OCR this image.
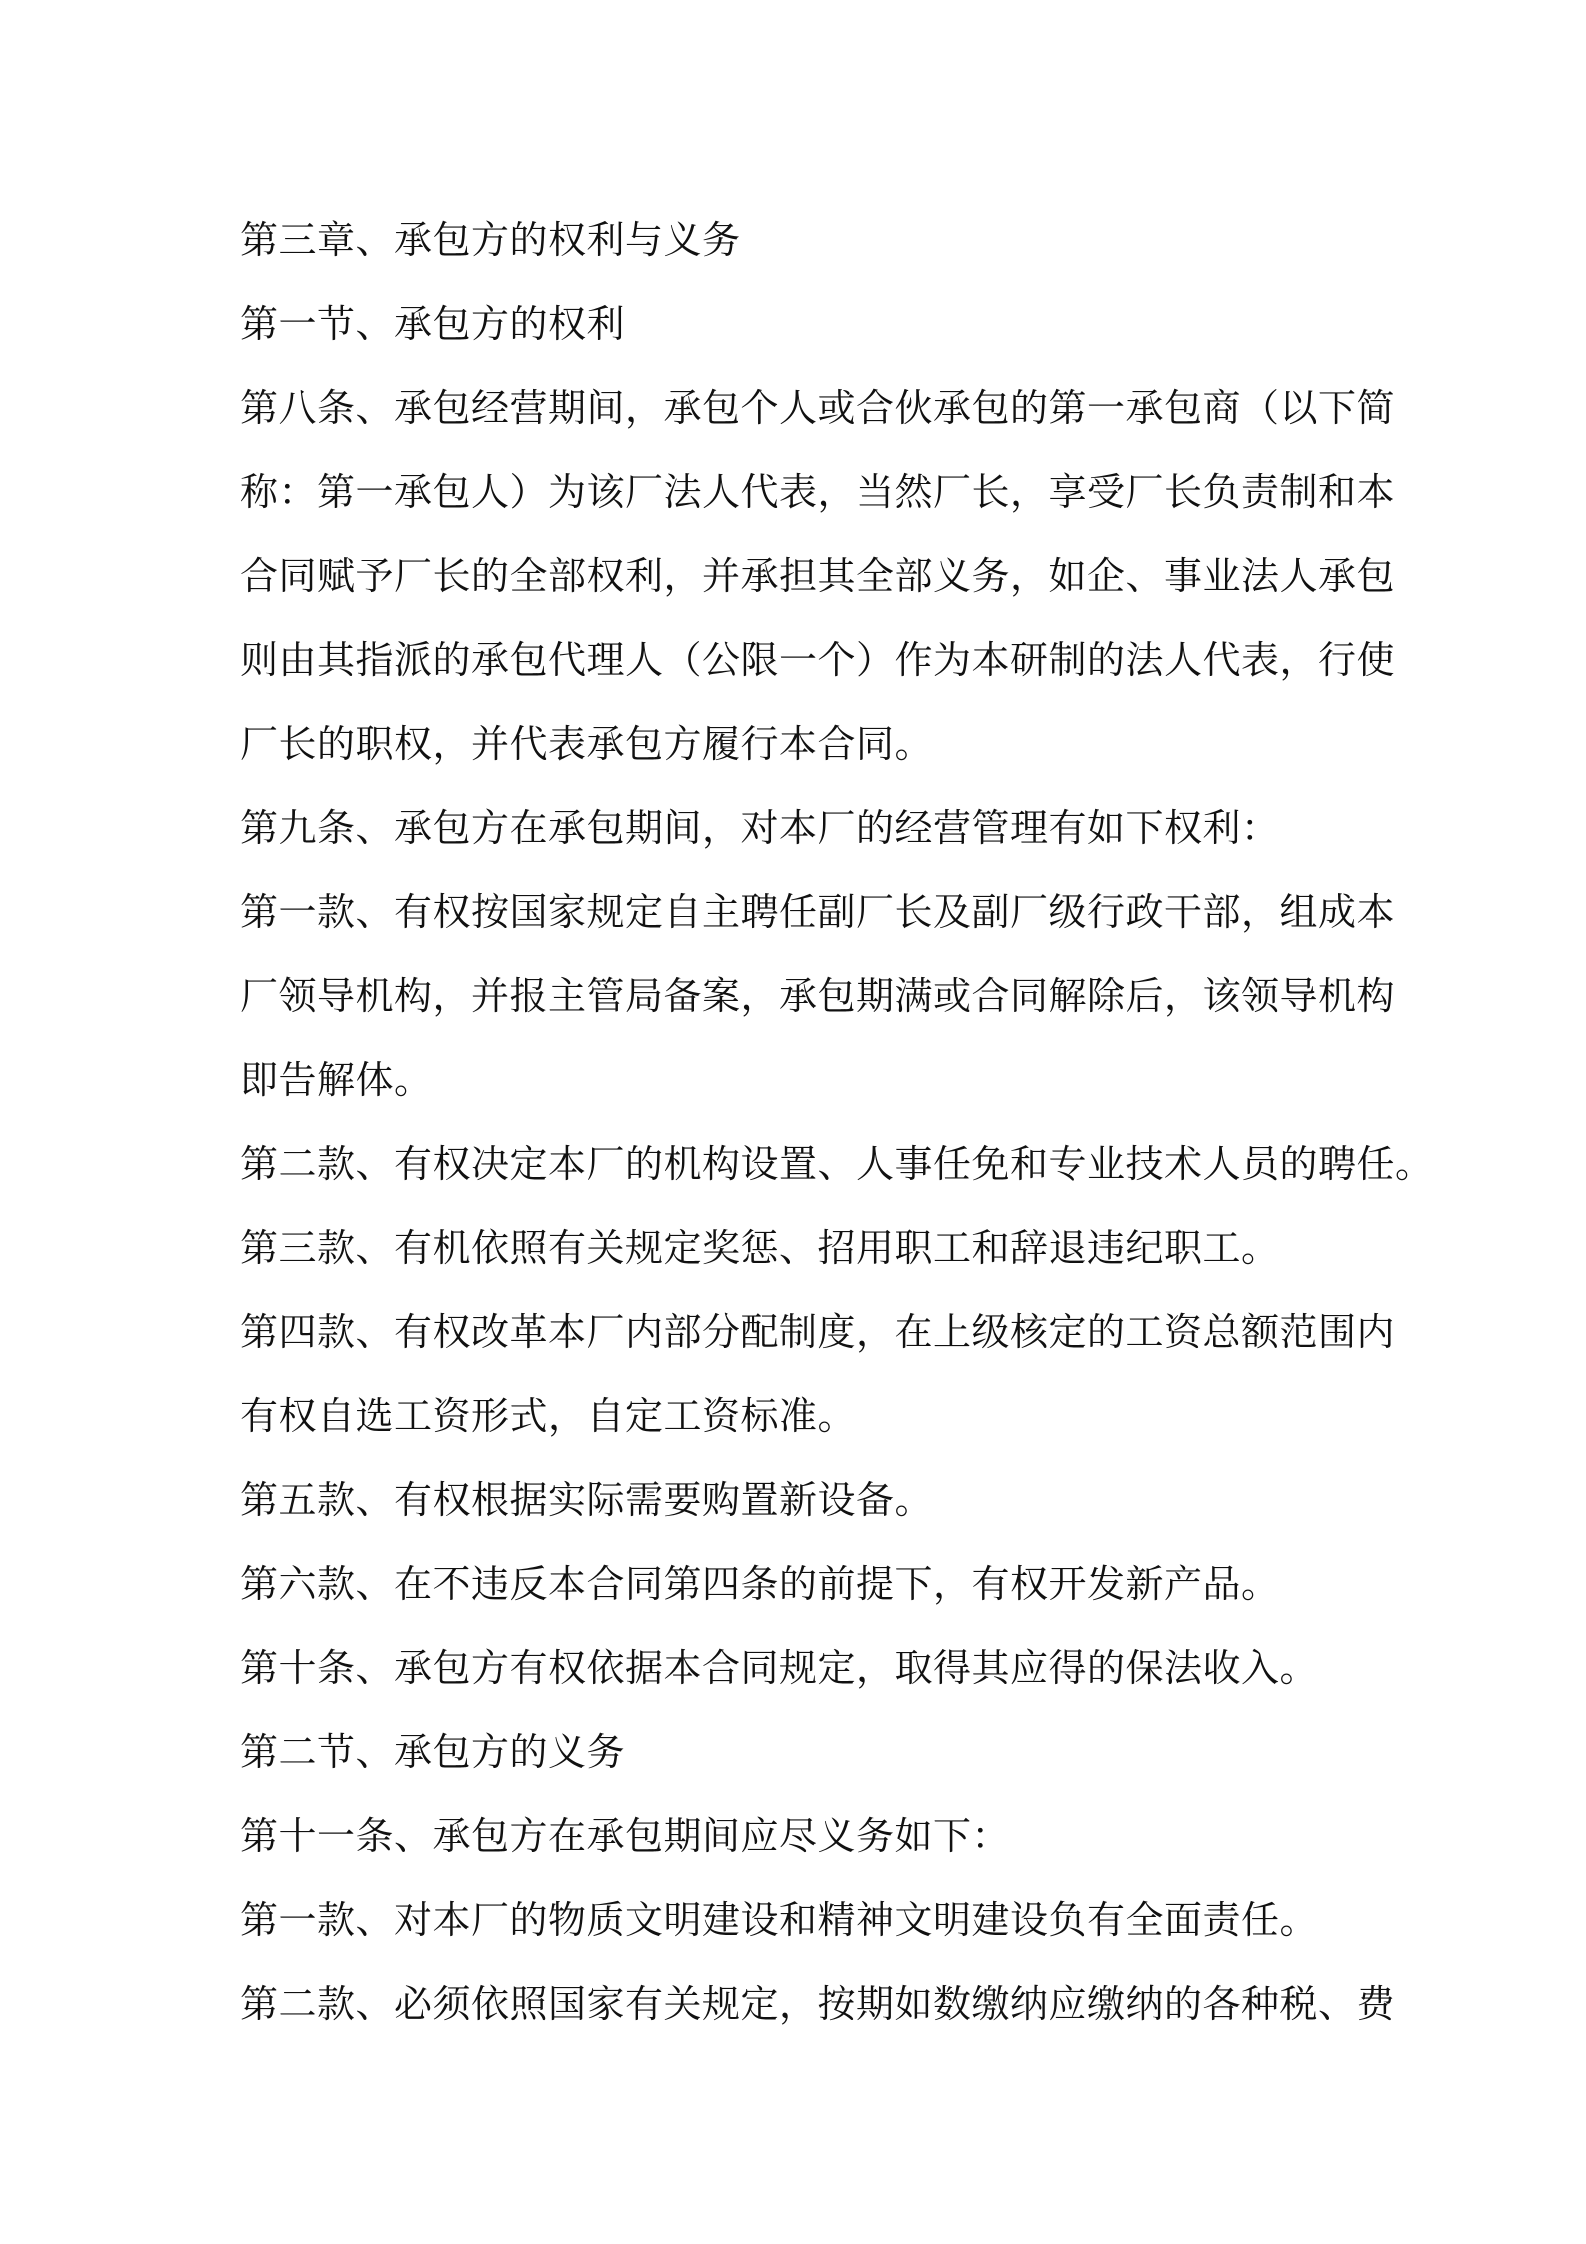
第三章、承包方的权利与义务
第一节、承包方的权利
第八条、承包经营期间，承包个人或合伙承包的第一承包商（以下简
称：第一承包人）为该厂法人代表，当然厂长，享受厂长负责制和本
合同赋予厂长的全部权利，并承担其全部义务，如企、事业法人承包
则由其指派的承包代理人（公限一个）作为本研制的法人代表，行使
厂长的职权，并代表承包方履行本合同。
第九条、承包方在承包期间，对本厂的经营管理有如下权利：
第一款、有权按国家规定自主聘任副厂长及副厂级行政干部，组成本
厂领导机构，并报主管局备案，承包期满或合同解除后，该领导机构
即告解体。
第二款、有权决定本厂的机构设置、人事任免和专业技术人员的聘任。
第三款、有机依照有关规定奖惩、招用职工和辞退违纪职工。
第四款、有权改革本厂内部分配制度，在上级核定的工资总额范围内
有权自选工资形式，自定工资标准。
第五款、有权根据实际需要购置新设备。
第六款、在不违反本合同第四条的前提下，有权开发新产品。
第十条、承包方有权依据本合同规定，取得其应得的保法收入。
第二节、承包方的义务
第十一条、承包方在承包期间应尽义务如下：
第一款、对本厂的物质文明建设和精神文明建设负有全面责任。
第二款、必须依照国家有关规定，按期如数缴纳应缴纳的各种税、费
